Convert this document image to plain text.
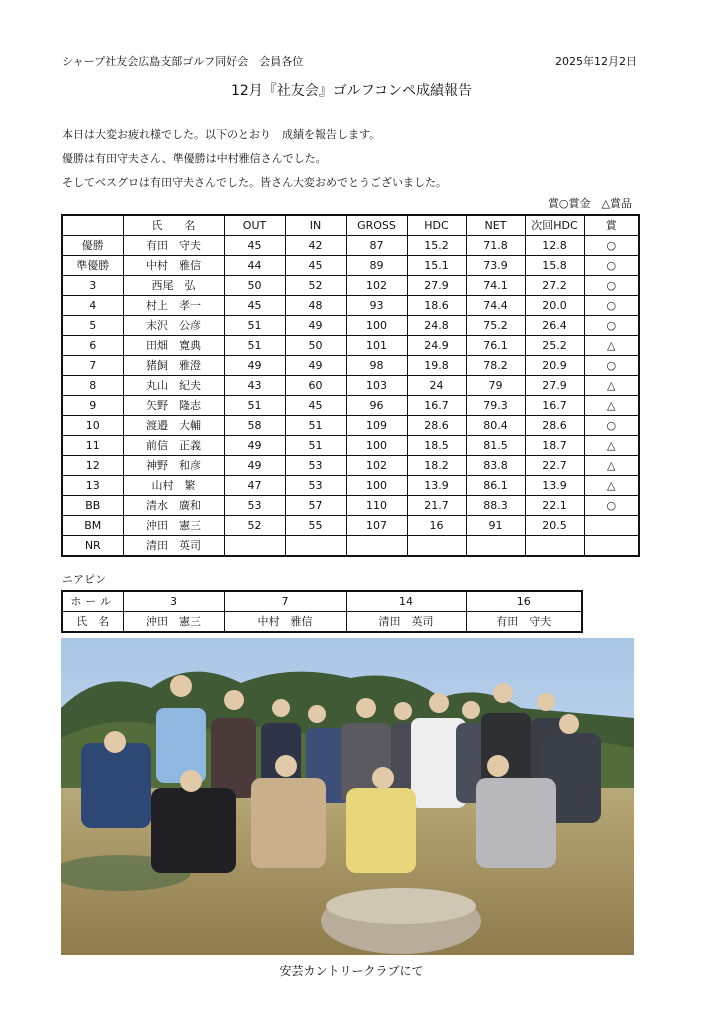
シャープ社友会広島支部ゴルフ同好会　会員各位	2025年12月2日
12月『社友会』ゴルフコンペ成績報告
本日は大変お疲れ様でした。以下のとおり　成績を報告します。
優勝は有田守夫さん、準優勝は中村雅信さんでした。
そしてベスグロは有田守夫さんでした。皆さん大変おめでとうございました。
賞○賞金　△賞品
	氏　　名	OUT	IN	GROSS	HDC	NET	次回HDC	賞
優勝	有田　守夫	45	42	87	15.2	71.8	12.8	○
準優勝	中村　雅信	44	45	89	15.1	73.9	15.8	○
3	西尾　弘	50	52	102	27.9	74.1	27.2	○
4	村上　孝一	45	48	93	18.6	74.4	20.0	○
5	末沢　公彦	51	49	100	24.8	75.2	26.4	○
6	田畑　寛典	51	50	101	24.9	76.1	25.2	△
7	猪飼　雅澄	49	49	98	19.8	78.2	20.9	○
8	丸山　紀夫	43	60	103	24	79	27.9	△
9	矢野　隆志	51	45	96	16.7	79.3	16.7	△
10	渡邉　大輔	58	51	109	28.6	80.4	28.6	○
11	前信　正義	49	51	100	18.5	81.5	18.7	△
12	神野　和彦	49	53	102	18.2	83.8	22.7	△
13	山村　繁	47	53	100	13.9	86.1	13.9	△
BB	清水　廣和	53	57	110	21.7	88.3	22.1	○
BM	沖田　憲三	52	55	107	16	91	20.5	
NR	清田　英司							
ニアピン
ホール	3	7	14	16
氏　名	沖田　憲三	中村　雅信	清田　英司	有田　守夫
安芸カントリークラブにて
